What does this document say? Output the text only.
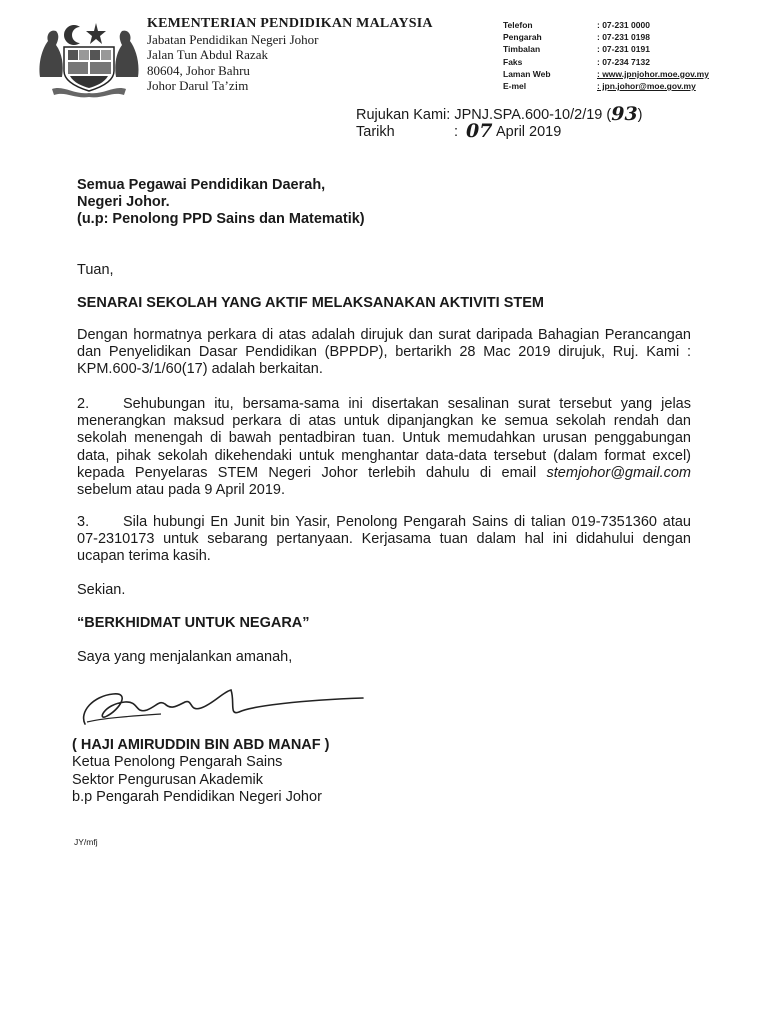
KEMENTERIAN PENDIDIKAN MALAYSIA
Jabatan Pendidikan Negeri Johor
Jalan Tun Abdul Razak
80604, Johor Bahru
Johor Darul Ta’zim
Telefon	: 07-231 0000
Pengarah	: 07-231 0198
Timbalan	: 07-231 0191
Faks	: 07-234 7132
Laman Web	: www.jpnjohor.moe.gov.my
E-mel	: jpn.johor@moe.gov.my
Rujukan Kami: JPNJ.SPA.600-10/2/19 ( 93 )
Tarikh	: 07 April 2019
Semua Pegawai Pendidikan Daerah,
Negeri Johor.
(u.p: Penolong PPD Sains dan Matematik)
Tuan,
SENARAI SEKOLAH YANG AKTIF MELAKSANAKAN AKTIVITI STEM
Dengan hormatnya perkara di atas adalah dirujuk dan surat daripada Bahagian Perancangan dan Penyelidikan Dasar Pendidikan (BPPDP), bertarikh 28 Mac 2019 dirujuk, Ruj. Kami : KPM.600-3/1/60(17) adalah berkaitan.
2. Sehubungan itu, bersama-sama ini disertakan sesalinan surat tersebut yang jelas menerangkan maksud perkara di atas untuk dipanjangkan ke semua sekolah rendah dan sekolah menengah di bawah pentadbiran tuan. Untuk memudahkan urusan penggabungan data, pihak sekolah dikehendaki untuk menghantar data-data tersebut (dalam format excel) kepada Penyelaras STEM Negeri Johor terlebih dahulu di email stemjohor@gmail.com sebelum atau pada 9 April 2019.
3. Sila hubungi En Junit bin Yasir, Penolong Pengarah Sains di talian 019-7351360 atau 07-2310173 untuk sebarang pertanyaan. Kerjasama tuan dalam hal ini didahului dengan ucapan terima kasih.
Sekian.
“BERKHIDMAT UNTUK NEGARA”
Saya yang menjalankan amanah,
( HAJI AMIRUDDIN BIN ABD MANAF )
Ketua Penolong Pengarah Sains
Sektor Pengurusan Akademik
b.p Pengarah Pendidikan Negeri Johor
JY/mfj
